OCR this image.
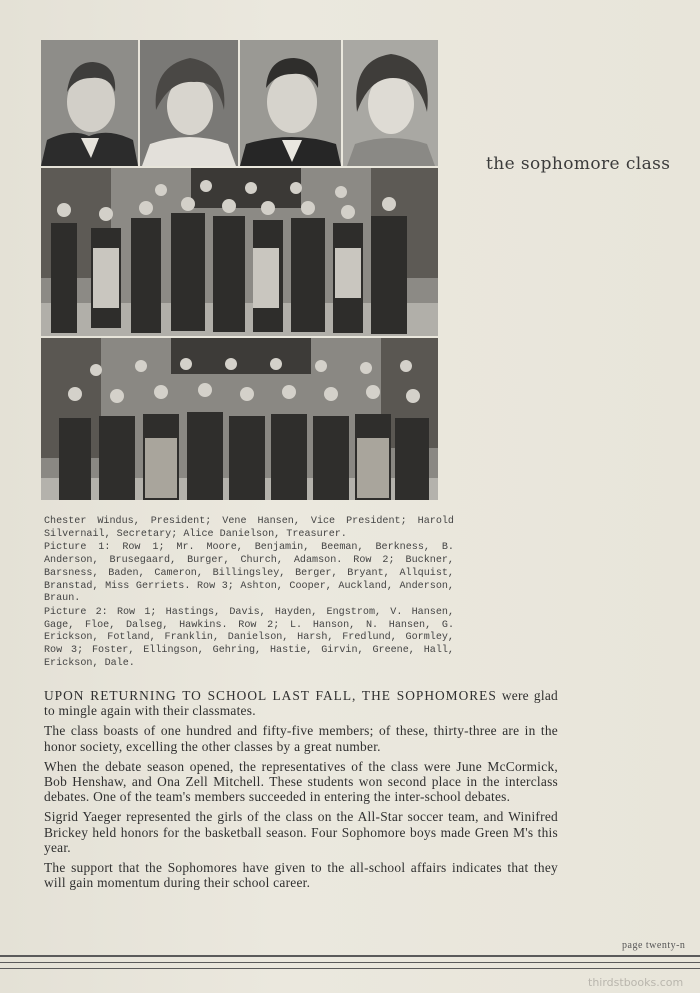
the sophomore class

Chester Windus, President; Vene Hansen, Vice President; Harold Silvernail, Secretary; Alice Danielson, Treasurer.

Picture 1: Row 1; Mr. Moore, Benjamin, Beeman, Berkness, B. Anderson, Brusegaard, Burger, Church, Adamson. Row 2; Buckner, Barsness, Baden, Cameron, Billingsley, Berger, Bryant, Allquist, Branstad, Miss Gerriets. Row 3; Ashton, Cooper, Auckland, Anderson, Braun.

Picture 2: Row 1; Hastings, Davis, Hayden, Engstrom, V. Hansen, Gage, Floe, Dalseg, Hawkins. Row 2; L. Hanson, N. Hansen, G. Erickson, Fotland, Franklin, Danielson, Harsh, Fredlund, Gormley, Row 3; Foster, Ellingson, Gehring, Hastie, Girvin, Greene, Hall, Erickson, Dale.

UPON RETURNING TO SCHOOL LAST FALL, THE SOPHOMORES were glad to mingle again with their classmates.

The class boasts of one hundred and fifty-five members; of these, thirty-three are in the honor society, excelling the other classes by a great number.

When the debate season opened, the representatives of the class were June McCormick, Bob Henshaw, and Ona Zell Mitchell. These students won second place in the interclass debates. One of the team's members succeeded in entering the inter-school debates.

Sigrid Yaeger represented the girls of the class on the All-Star soccer team, and Winifred Brickey held honors for the basketball season. Four Sophomore boys made Green M's this year.

The support that the Sophomores have given to the all-school affairs indicates that they will gain momentum during their school career.

page twenty-n
thirdstbooks.com
